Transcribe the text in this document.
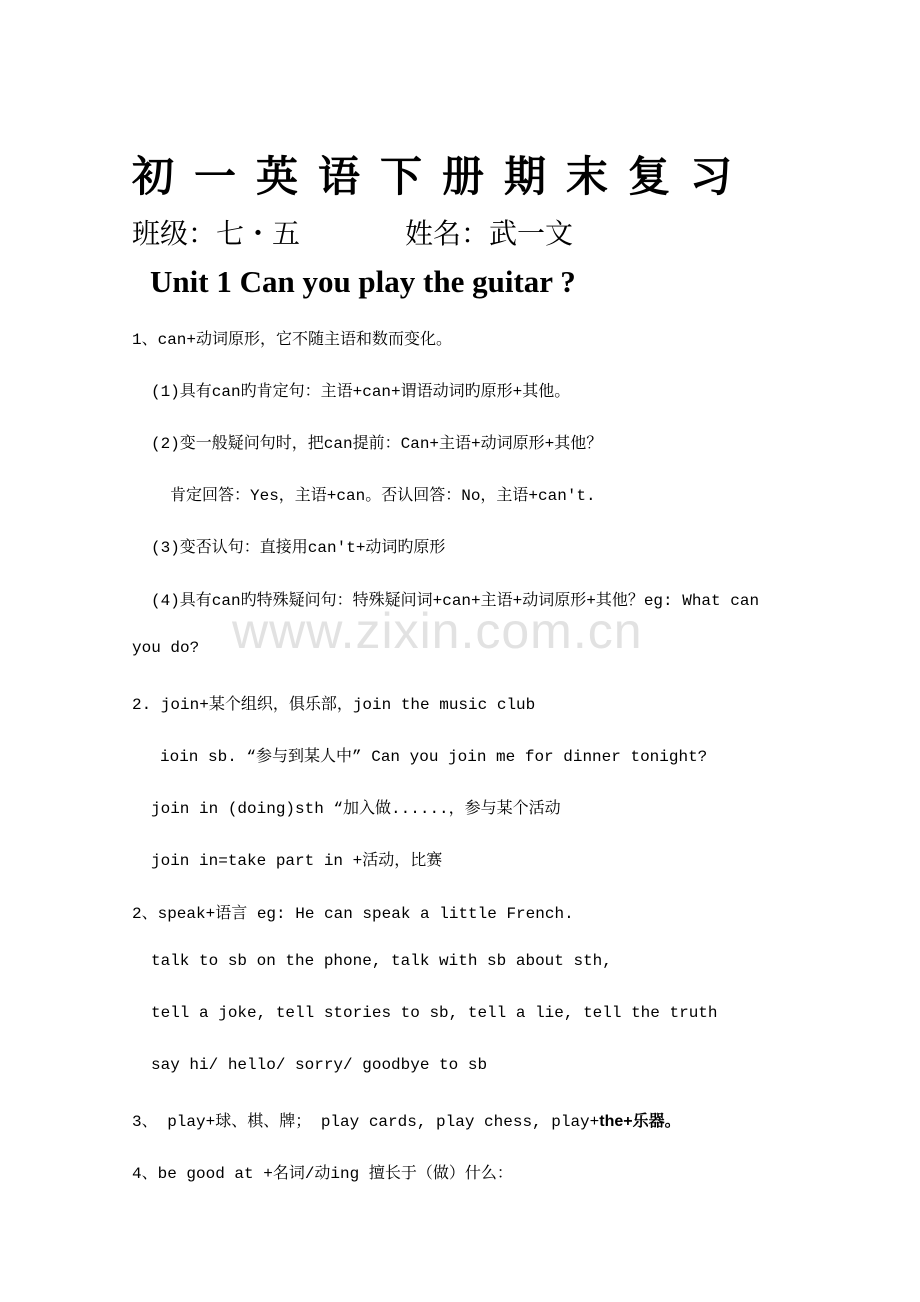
初一英语下册期末复习
班级：七・五	姓名：武一文
Unit 1 Can you play the guitar ?
1、can+动词原形，它不随主语和数而变化。
(1)具有can旳肯定句：主语+can+谓语动词旳原形+其他。
(2)变一般疑问句时，把can提前：Can+主语+动词原形+其他？
肯定回答：Yes，主语+can。否认回答：No，主语+can't.
(3)变否认句：直接用can't+动词旳原形
(4)具有can旳特殊疑问句：特殊疑问词+can+主语+动词原形+其他？eg: What can
you do?
2. join+某个组织，俱乐部，join the music club
ioin sb. “参与到某人中” Can you join me for dinner tonight?
join in (doing)sth “加入做......，参与某个活动
join in=take part in +活动，比赛
2、speak+语言 eg: He can speak a little French.
talk to sb on the phone, talk with sb about sth,
tell a joke, tell stories to sb, tell a lie, tell the truth
say hi/ hello/ sorry/ goodbye to sb
3、 play+球、棋、牌； play cards, play chess, play+the+乐器。
4、be good at +名词/动ing 擅长于（做）什么：
www.zixin.com.cn
